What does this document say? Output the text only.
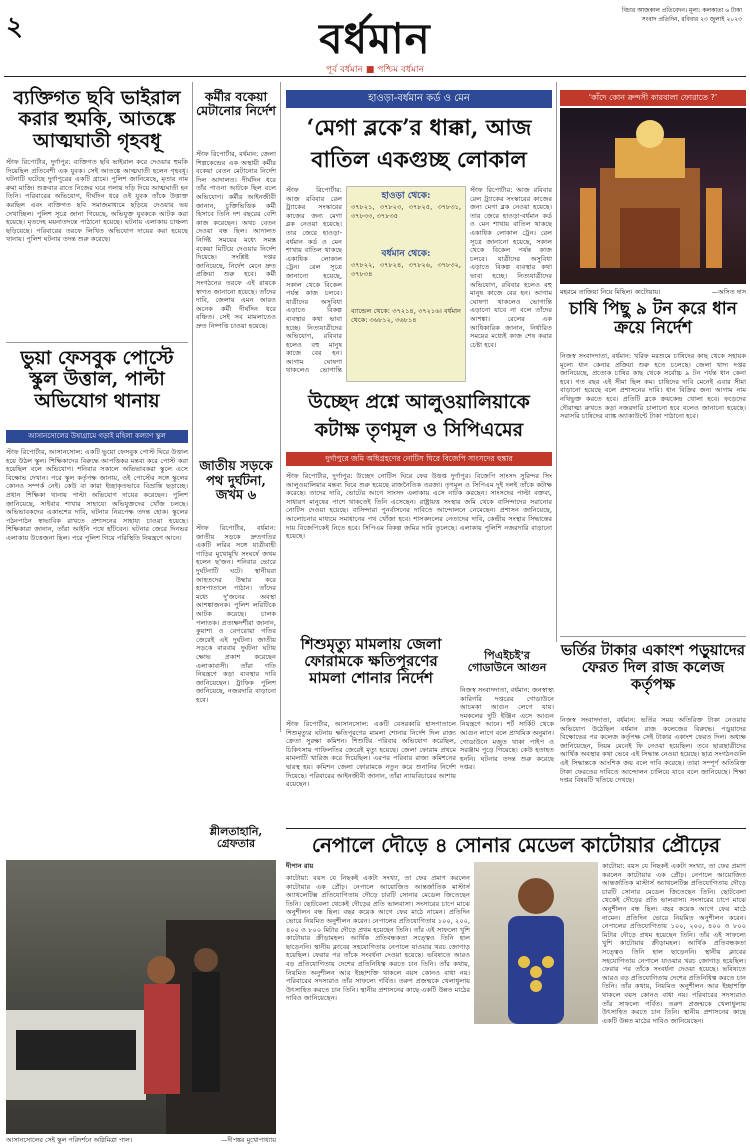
২	বর্ধমান
বিচার আজকাল প্রতিবেদন। মূল্য: কলকাতা ৬ টাকা
সংবাদ প্রতিদিন, রবিবার ২৩ জুলাই ২০২৩
পূর্ব বর্ধমান ■ পশ্চিম বর্ধমান
ব্যক্তিগত ছবি ভাইরাল করার হুমকি, আতঙ্কে আত্মঘাতী গৃহবধূ
স্টাফ রিপোর্টার, দুর্গাপুর: ব্যক্তিগত ছবি ভাইরাল করে দেওয়ার হুমকি দিয়েছিল প্রতিবেশী এক যুবক। সেই আতঙ্কে আত্মঘাতী হলেন গৃহবধূ। ঘটনাটি ঘটেছে দুর্গাপুরের একটি গ্রামে। পুলিশ জানিয়েছে, মৃতার নাম রুমা মাজি। শুক্রবার রাতে নিজের ঘরে গলায় দড়ি দিয়ে আত্মঘাতী হন তিনি। পরিবারের অভিযোগ, দীর্ঘদিন ধরে ওই যুবক তাঁকে উত্ত্যক্ত করছিল এবং ব্যক্তিগত ছবি সমাজমাধ্যমে ছড়িয়ে দেওয়ার ভয় দেখাচ্ছিল। পুলিশ সূত্রে জানা গিয়েছে, অভিযুক্ত যুবককে আটক করা হয়েছে। মৃতদেহ ময়নাতদন্তে পাঠানো হয়েছে। ঘটনায় এলাকায় চাঞ্চল্য ছড়িয়েছে। পরিবারের তরফে লিখিত অভিযোগ দায়ের করা হয়েছে থানায়। পুলিশ ঘটনার তদন্ত শুরু করেছে।
ভুয়া ফেসবুক পোস্টে স্কুল উত্তাল, পাল্টা অভিযোগ থানায়
আসানসোলের উষাগ্রামে গড়াই মহিলা কল্যাণ স্কুল
স্টাফ রিপোর্টার, আসানসোল: একটি ভুয়ো ফেসবুক পোস্ট ঘিরে উত্তাল হয়ে উঠল স্কুল। শিক্ষিকাদের বিরুদ্ধে আপত্তিকর মন্তব্য করে পোস্ট করা হয়েছিল বলে অভিযোগ। শনিবার সকালে অভিভাবকরা স্কুলে এসে বিক্ষোভ দেখান। পরে স্কুল কর্তৃপক্ষ জানায়, ওই পোস্টের সঙ্গে স্কুলের কোনও সম্পর্ক নেই। কেউ বা কারা ইচ্ছাকৃতভাবে বিভ্রান্তি ছড়াচ্ছে। প্রধান শিক্ষিকা থানায় পাল্টা অভিযোগ দায়ের করেছেন। পুলিশ জানিয়েছে, সাইবার শাখার সাহায্যে অভিযুক্তদের খোঁজ চলছে। অভিভাবকদের একাংশের দাবি, ঘটনার নিরপেক্ষ তদন্ত হোক। স্কুলের পঠনপাঠন স্বাভাবিক রাখতে প্রশাসনের সাহায্য চাওয়া হয়েছে। শিক্ষিকারা জানান, তাঁরা আইনি পথে হাঁটবেন। ঘটনার জেরে দিনভর এলাকায় উত্তেজনা ছিল। পরে পুলিশ গিয়ে পরিস্থিতি নিয়ন্ত্রণে আনে।
কর্মীর বকেয়া মেটানোর নির্দেশ
স্টাফ রিপোর্টার, বর্ধমান: জেলা শিল্পকেন্দ্রের এক অস্থায়ী কর্মীর বকেয়া বেতন মেটানোর নির্দেশ দিল আদালত। দীর্ঘদিন ধরে তাঁর পাওনা আটকে ছিল বলে অভিযোগ। কর্মীর আইনজীবী জানান, চুক্তিভিত্তিক কর্মী হিসাবে তিনি দশ বছরের বেশি কাজ করেছেন। অথচ বেতন দেওয়া বন্ধ ছিল। আদালত নির্দিষ্ট সময়ের মধ্যে সমস্ত বকেয়া মিটিয়ে দেওয়ার নির্দেশ দিয়েছে। সংশ্লিষ্ট দপ্তর জানিয়েছে, নির্দেশ মেনে দ্রুত প্রক্রিয়া শুরু হবে। কর্মী সংগঠনের তরফে এই রায়কে স্বাগত জানানো হয়েছে। তাঁদের দাবি, জেলায় এমন আরও অনেক কর্মী দীর্ঘদিন ধরে বঞ্চিত। সেই সব মামলাতেও দ্রুত নিষ্পত্তি চাওয়া হয়েছে।
হাওড়া-বর্ধমান কর্ড ও মেন
‘মেগা ব্লকে’র ধাক্কা, আজ
বাতিল একগুচ্ছ লোকাল
স্টাফ রিপোর্টার: আজ রবিবার রেল ট্র্যাকের সংস্কারের কাজের জন্য মেগা ব্লক নেওয়া হয়েছে। তার জেরে হাওড়া-বর্ধমান কর্ড ও মেন শাখায় বাতিল থাকছে একাধিক লোকাল ট্রেন। রেল সূত্রে জানানো হয়েছে, সকাল থেকে বিকেল পর্যন্ত কাজ চলবে। যাত্রীদের অসুবিধা এড়াতে বিকল্প ব্যবস্থার কথা ভাবা হচ্ছে। নিত্যযাত্রীদের অভিযোগ, রবিবার হলেও বহু মানুষ কাজে বের হন। আগাম ঘোষণা থাকলেও ভোগান্তি
হাওড়া থেকে:
৩৭৮২১, ৩৭৮২৩, ৩৭৮২৫, ৩৭৮৩১, ৩৭৮৩৩, ৩৭৮৩৫
বর্ধমান থেকে:
৩৭৮২২, ৩৭৮২৪, ৩৭৮২৬, ৩৭৮৩২, ৩৭৮৩৪
ব্যান্ডেল থেকে: ৩৭২১৪, ৩৭২১৬। বর্ধমান থেকে: ৩৬৮১২, ৩৬৮১৪
স্টাফ রিপোর্টার: আজ রবিবার রেল ট্র্যাকের সংস্কারের কাজের জন্য মেগা ব্লক নেওয়া হয়েছে। তার জেরে হাওড়া-বর্ধমান কর্ড ও মেন শাখায় বাতিল থাকছে একাধিক লোকাল ট্রেন। রেল সূত্রে জানানো হয়েছে, সকাল থেকে বিকেল পর্যন্ত কাজ চলবে। যাত্রীদের অসুবিধা এড়াতে বিকল্প ব্যবস্থার কথা ভাবা হচ্ছে। নিত্যযাত্রীদের অভিযোগ, রবিবার হলেও বহু মানুষ কাজে বের হন। আগাম ঘোষণা থাকলেও ভোগান্তি এড়ানো যাবে না বলে তাঁদের আশঙ্কা। রেলের এক আধিকারিক জানান, নির্ধারিত সময়ের মধ্যেই কাজ শেষ করার চেষ্টা হবে।
‘কাঁদে কোন ক্রন্দসী কারবালা ফোরাতে ?’
মহরমে তাজিয়া নিয়ে মিছিল। কাটোয়ায়।	—অসিত দাস
চাষি পিছু ৯ টন করে ধান ক্রয়ে নির্দেশ
নিজস্ব সংবাদদাতা, বর্ধমান: খরিফ মরশুমে চাষিদের কাছ থেকে সহায়ক মূল্যে ধান কেনার প্রক্রিয়া শুরু হতে চলেছে। জেলা খাদ্য দপ্তর জানিয়েছে, প্রত্যেক চাষির কাছ থেকে সর্বোচ্চ ৯ টন পর্যন্ত ধান কেনা হবে। গত বছর এই সীমা ছিল কম। চাষিদের দাবি মেনেই এবার সীমা বাড়ানো হয়েছে বলে প্রশাসনের দাবি। ধান বিক্রির জন্য আগাম নাম নথিভুক্ত করতে হবে। প্রতিটি ব্লকে ক্রয়কেন্দ্র খোলা হবে। ফড়েদের দৌরাত্ম্য রুখতে কড়া নজরদারি চালানো হবে বলেও জানানো হয়েছে। সরাসরি চাষিদের ব্যাঙ্ক অ্যাকাউন্টে টাকা পাঠানো হবে।
উচ্ছেদ প্রশ্নে আলুওয়ালিয়াকে
কটাক্ষ তৃণমূল ও সিপিএমের
দুর্গাপুরে জমি অধিগ্রহণের নোটিস ঘিরে বিজেপি সাংসদের হুঙ্কার
স্টাফ রিপোর্টার, দুর্গাপুর: উচ্ছেদ নোটিস ঘিরে ফের উত্তপ্ত দুর্গাপুর। বিজেপি সাংসদ সুরিন্দর সিং আলুওয়ালিয়ার মন্তব্য ঘিরে শুরু হয়েছে রাজনৈতিক তরজা। তৃণমূল ও সিপিএম দুই দলই তাঁকে কটাক্ষ করেছে। তাদের দাবি, ভোটের আগে সাংসদ এলাকায় এসে নাটক করছেন। সাংসদের পাল্টা বক্তব্য, সাধারণ মানুষের পাশে থাকতেই তিনি এসেছেন। রাষ্ট্রায়ত্ত সংস্থার জমি থেকে বাসিন্দাদের সরানোর নোটিস দেওয়া হয়েছে। বাসিন্দারা পুনর্বাসনের দাবিতে আন্দোলনে নেমেছেন। প্রশাসন জানিয়েছে, আলোচনার মাধ্যমে সমাধানের পথ খোঁজা হবে। শাসকদলের নেতাদের দাবি, কেন্দ্রীয় সংস্থার সিদ্ধান্তের দায় বিজেপিকেই নিতে হবে। সিপিএম বিকল্প জমির দাবি তুলেছে। এলাকায় পুলিশি নজরদারি বাড়ানো হয়েছে।
জাতীয় সড়কে পথ দুর্ঘটনা, জখম ৬
স্টাফ রিপোর্টার, বর্ধমান: জাতীয় সড়কে দ্রুতগতির একটি লরির সঙ্গে যাত্রীবাহী গাড়ির মুখোমুখি সংঘর্ষে জখম হলেন ছ'জন। শনিবার ভোরে দুর্ঘটনাটি ঘটে। স্থানীয়রা আহতদের উদ্ধার করে হাসপাতালে পাঠান। তাঁদের মধ্যে দু'জনের অবস্থা আশঙ্কাজনক। পুলিশ লরিটিকে আটক করেছে। চালক পলাতক। প্রত্যক্ষদর্শীরা জানান, কুয়াশা ও বেপরোয়া গতির জেরেই এই দুর্ঘটনা। জাতীয় সড়কে বারবার দুর্ঘটনা ঘটায় ক্ষোভ প্রকাশ করেছেন এলাকাবাসী। তাঁরা গতি নিয়ন্ত্রণে কড়া ব্যবস্থার দাবি জানিয়েছেন। ট্রাফিক পুলিশ জানিয়েছে, নজরদারি বাড়ানো হবে।
ভর্তির টাকার একাংশ পড়ুয়াদের ফেরত দিল রাজ কলেজ কর্তৃপক্ষ
নিজস্ব সংবাদদাতা, বর্ধমান: ভর্তির সময় অতিরিক্ত টাকা নেওয়ার অভিযোগ উঠেছিল বর্ধমান রাজ কলেজের বিরুদ্ধে। পড়ুয়াদের বিক্ষোভের পর কলেজ কর্তৃপক্ষ সেই টাকার একাংশ ফেরত দিল। অধ্যক্ষ জানিয়েছেন, নিয়ম মেনেই ফি নেওয়া হয়েছিল। তবে ছাত্রছাত্রীদের আর্থিক অবস্থার কথা ভেবে এই সিদ্ধান্ত নেওয়া হয়েছে। ছাত্র সংগঠনগুলি এই সিদ্ধান্তকে আংশিক জয় বলে দাবি করেছে। তারা সম্পূর্ণ অতিরিক্ত টাকা ফেরতের দাবিতে আন্দোলন চালিয়ে যাবে বলে জানিয়েছে। শিক্ষা দপ্তর বিষয়টি খতিয়ে দেখছে।
শিশুমৃত্যু মামলায় জেলা ফোরামকে ক্ষতিপূরণের মামলা শোনার নির্দেশ
স্টাফ রিপোর্টার, আসানসোল: একটি বেসরকারি হাসপাতালে শিশুমৃত্যুর ঘটনায় ক্ষতিপূরণের মামলা শোনার নির্দেশ দিল রাজ্য ক্রেতা সুরক্ষা কমিশন। শিশুটির পরিবার অভিযোগ করেছিল, চিকিৎসায় গাফিলতির জেরেই মৃত্যু হয়েছে। জেলা ফোরাম প্রথমে মামলাটি খারিজ করে দিয়েছিল। এরপর পরিবার রাজ্য কমিশনের দ্বারস্থ হয়। কমিশন জেলা ফোরামকে নতুন করে শুনানির নির্দেশ দিয়েছে। পরিবারের আইনজীবী জানান, তাঁরা ন্যায়বিচারের আশায় রয়েছেন।
পিএইচই'র গোডাউনে আগুন
নিজস্ব সংবাদদাতা, বর্ধমান: জনস্বাস্থ্য কারিগরি দপ্তরের গোডাউনে আচমকা আগুন লেগে যায়। দমকলের দুটি ইঞ্জিন এসে আগুন নিয়ন্ত্রণে আনে। শর্ট সার্কিট থেকে আগুন লাগে বলে প্রাথমিক অনুমান। গোডাউনে মজুত থাকা পাইপ ও সরঞ্জাম পুড়ে গিয়েছে। কেউ হতাহত হননি। ঘটনার তদন্ত শুরু করেছে দপ্তর।
শ্লীলতাহানি, গ্রেফতার	নেপালে দৌড়ে ৪ সোনার মেডেল কাটোয়ার প্রৌঢ়ের
দীপান রায়
কাটোয়া: বয়স যে নিছকই একটা সংখ্যা, তা ফের প্রমাণ করলেন কাটোয়ার এক প্রৌঢ়। নেপালে আয়োজিত আন্তর্জাতিক মাস্টার্স অ্যাথলেটিক্স প্রতিযোগিতায় দৌড়ে চারটি সোনার মেডেল জিতেছেন তিনি। ছোটবেলা থেকেই দৌড়ের প্রতি ভালবাসা। সংসারের চাপে মাঝে অনুশীলন বন্ধ ছিল। বছর কয়েক আগে ফের মাঠে নামেন। প্রতিদিন ভোরে নিয়মিত অনুশীলন করেন। নেপালের প্রতিযোগিতায় ১০০, ২০০, ৪০০ ও ৮০০ মিটার দৌড়ে প্রথম হয়েছেন তিনি। তাঁর এই সাফল্যে খুশি কাটোয়ার ক্রীড়ামহল। আর্থিক প্রতিবন্ধকতা সত্ত্বেও তিনি হাল ছাড়েননি। স্থানীয় ক্লাবের সহযোগিতায় নেপালে যাওয়ার খরচ জোগাড় হয়েছিল। ফেরার পর তাঁকে সংবর্ধনা দেওয়া হয়েছে। ভবিষ্যতে আরও বড় প্রতিযোগিতায় দেশের প্রতিনিধিত্ব করতে চান তিনি। তাঁর কথায়, নিয়মিত অনুশীলন আর ইচ্ছাশক্তি থাকলে বয়স কোনও বাধা নয়। পরিবারের সদস্যরাও তাঁর সাফল্যে গর্বিত। তরুণ প্রজন্মকে খেলাধুলায় উৎসাহিত করতে চান তিনি। স্থানীয় প্রশাসনের কাছে একটি উন্নত মাঠের দাবিও জানিয়েছেন।
কাটোয়া: বয়স যে নিছকই একটা সংখ্যা, তা ফের প্রমাণ করলেন কাটোয়ার এক প্রৌঢ়। নেপালে আয়োজিত আন্তর্জাতিক মাস্টার্স অ্যাথলেটিক্স প্রতিযোগিতায় দৌড়ে চারটি সোনার মেডেল জিতেছেন তিনি। ছোটবেলা থেকেই দৌড়ের প্রতি ভালবাসা। সংসারের চাপে মাঝে অনুশীলন বন্ধ ছিল। বছর কয়েক আগে ফের মাঠে নামেন। প্রতিদিন ভোরে নিয়মিত অনুশীলন করেন। নেপালের প্রতিযোগিতায় ১০০, ২০০, ৪০০ ও ৮০০ মিটার দৌড়ে প্রথম হয়েছেন তিনি। তাঁর এই সাফল্যে খুশি কাটোয়ার ক্রীড়ামহল। আর্থিক প্রতিবন্ধকতা সত্ত্বেও তিনি হাল ছাড়েননি। স্থানীয় ক্লাবের সহযোগিতায় নেপালে যাওয়ার খরচ জোগাড় হয়েছিল। ফেরার পর তাঁকে সংবর্ধনা দেওয়া হয়েছে। ভবিষ্যতে আরও বড় প্রতিযোগিতায় দেশের প্রতিনিধিত্ব করতে চান তিনি। তাঁর কথায়, নিয়মিত অনুশীলন আর ইচ্ছাশক্তি থাকলে বয়স কোনও বাধা নয়। পরিবারের সদস্যরাও তাঁর সাফল্যে গর্বিত। তরুণ প্রজন্মকে খেলাধুলায় উৎসাহিত করতে চান তিনি। স্থানীয় প্রশাসনের কাছে একটি উন্নত মাঠের দাবিও জানিয়েছেন।
আসানসোলের সেই স্কুল পরিদর্শনে অগ্নিমিত্রা পাল।	—দীপঙ্কর মুখোপাধ্যায়
